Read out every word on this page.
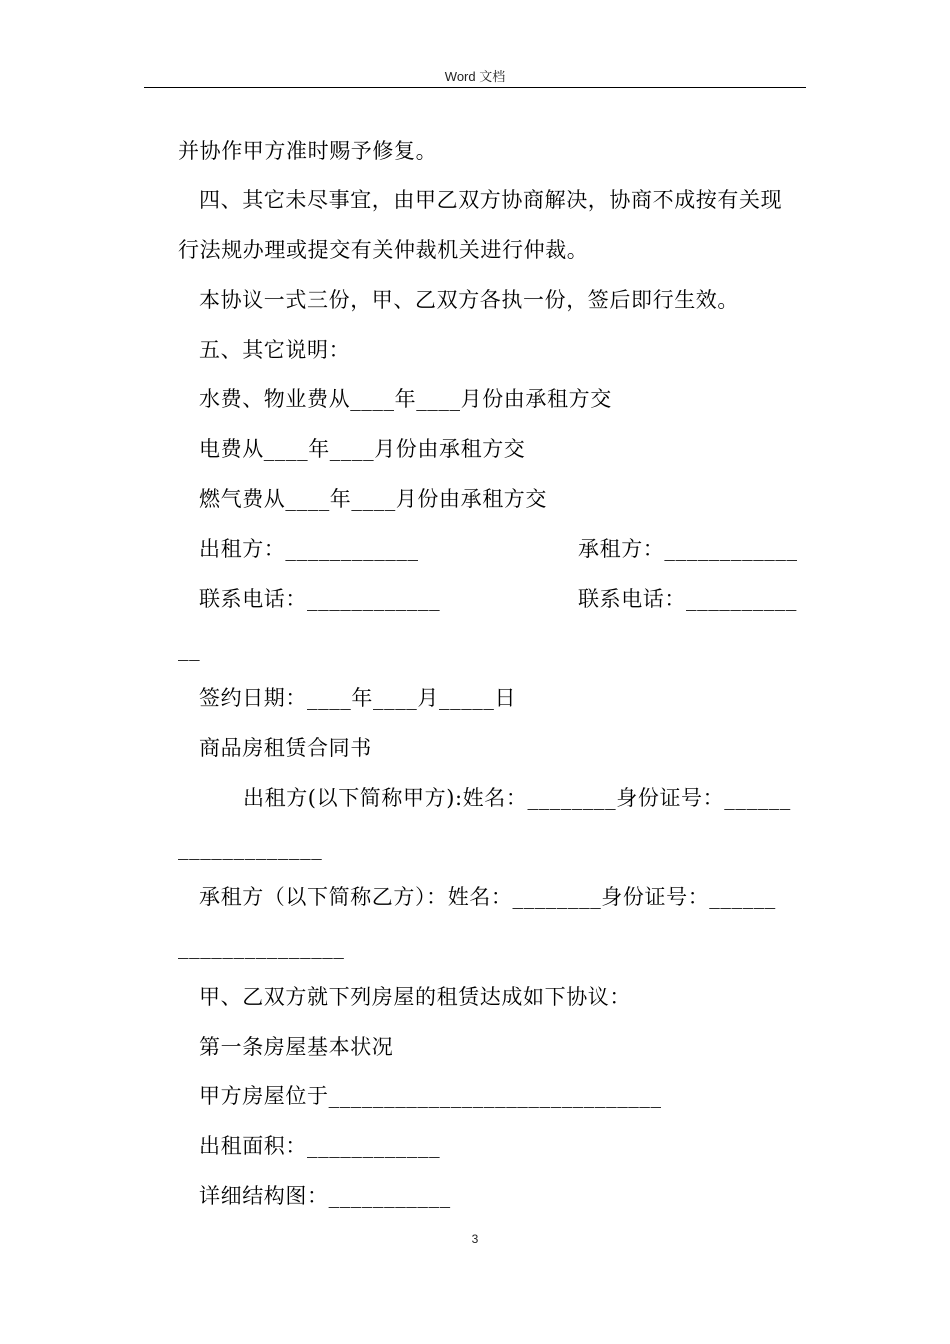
Word 文档
并协作甲方准时赐予修复。
四、其它未尽事宜，由甲乙双方协商解决，协商不成按有关现
行法规办理或提交有关仲裁机关进行仲裁。
本协议一式三份，甲、乙双方各执一份，签后即行生效。
五、其它说明：
水费、物业费从____年____月份由承租方交
电费从____年____月份由承租方交
燃气费从____年____月份由承租方交
出租方：____________	承租方：____________
联系电话：____________	联系电话：__________
__
签约日期：____年____月_____日
商品房租赁合同书
出租方(以下简称甲方):姓名：________身份证号：______
_____________
承租方（以下简称乙方）：姓名：________身份证号：______
_______________
甲、乙双方就下列房屋的租赁达成如下协议：
第一条房屋基本状况
甲方房屋位于______________________________
出租面积：____________
详细结构图：___________
3
